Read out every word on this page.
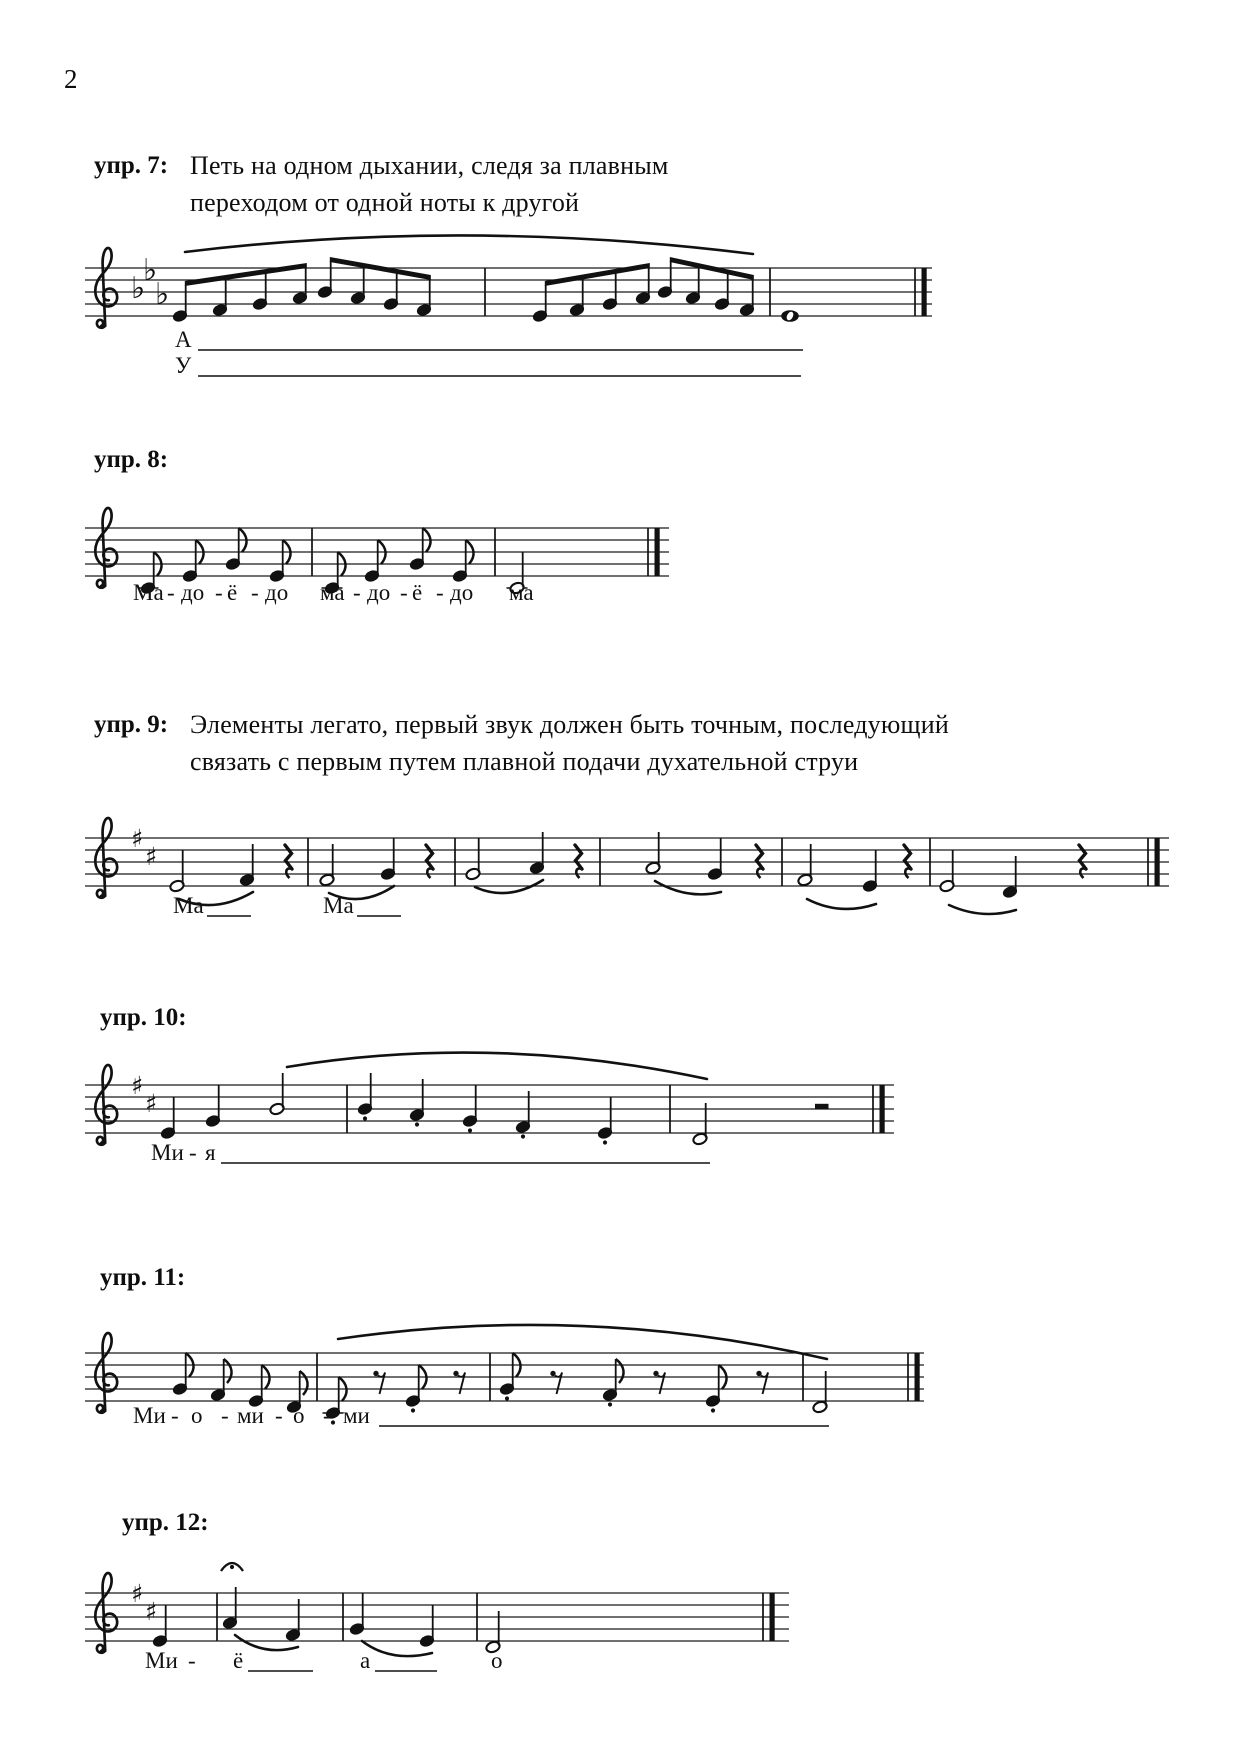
2
упр. 7: Петь на одном дыхании, следя за плавным
переходом от одной ноты к другой
♭
♭
♭
А
У
упр. 8:
Ма - до - ё - до ма - до - ё - до ма
упр. 9: Элементы легато, первый звук должен быть точным, последующий
связать с первым путем плавной подачи духательной струи
♯
♯
Ма	Ма
упр. 10:
♯
♯
Ми - я
упр. 11:
Ми - о - ми - о - ми
упр. 12:
♯
♯
Ми - ё	а	о
